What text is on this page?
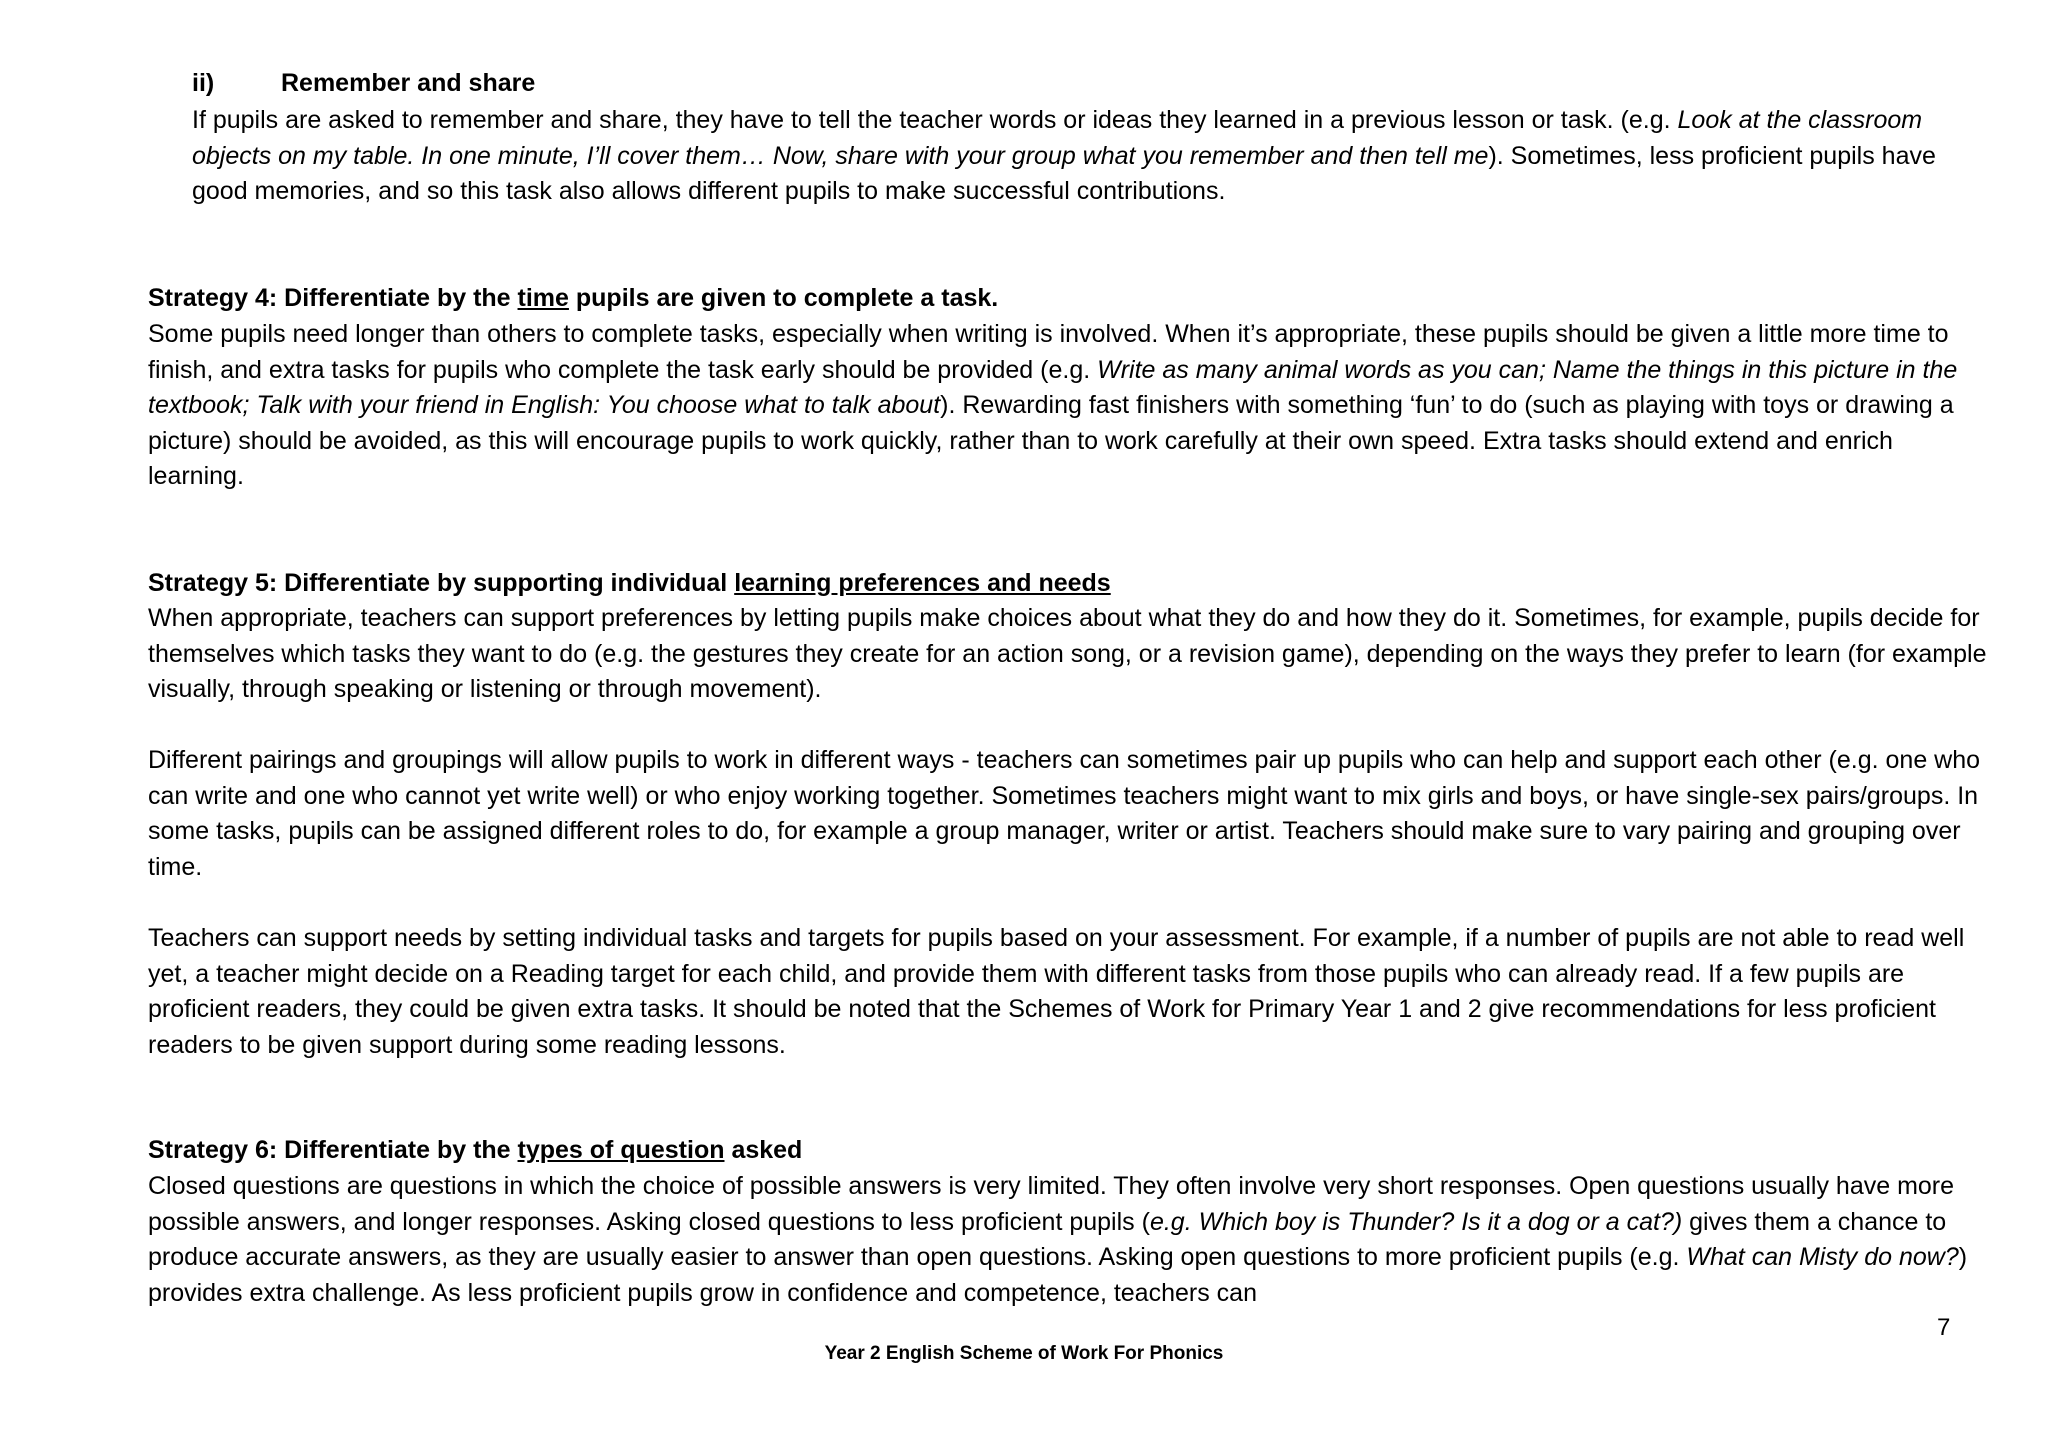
ii)	Remember and share
If pupils are asked to remember and share, they have to tell the teacher words or ideas they learned in a previous lesson or task. (e.g. Look at the classroom objects on my table. In one minute, I’ll cover them… Now, share with your group what you remember and then tell me). Sometimes, less proficient pupils have good memories, and so this task also allows different pupils to make successful contributions.
Strategy 4: Differentiate by the time pupils are given to complete a task.
Some pupils need longer than others to complete tasks, especially when writing is involved. When it’s appropriate, these pupils should be given a little more time to finish, and extra tasks for pupils who complete the task early should be provided (e.g. Write as many animal words as you can; Name the things in this picture in the textbook; Talk with your friend in English: You choose what to talk about). Rewarding fast finishers with something ‘fun’ to do (such as playing with toys or drawing a picture) should be avoided, as this will encourage pupils to work quickly, rather than to work carefully at their own speed. Extra tasks should extend and enrich learning.
Strategy 5: Differentiate by supporting individual learning preferences and needs
When appropriate, teachers can support preferences by letting pupils make choices about what they do and how they do it. Sometimes, for example, pupils decide for themselves which tasks they want to do (e.g. the gestures they create for an action song, or a revision game), depending on the ways they prefer to learn (for example visually, through speaking or listening or through movement).
Different pairings and groupings will allow pupils to work in different ways - teachers can sometimes pair up pupils who can help and support each other (e.g. one who can write and one who cannot yet write well) or who enjoy working together. Sometimes teachers might want to mix girls and boys, or have single-sex pairs/groups. In some tasks, pupils can be assigned different roles to do, for example a group manager, writer or artist. Teachers should make sure to vary pairing and grouping over time.
Teachers can support needs by setting individual tasks and targets for pupils based on your assessment. For example, if a number of pupils are not able to read well yet, a teacher might decide on a Reading target for each child, and provide them with different tasks from those pupils who can already read. If a few pupils are proficient readers, they could be given extra tasks. It should be noted that the Schemes of Work for Primary Year 1 and 2 give recommendations for less proficient readers to be given support during some reading lessons.
Strategy 6: Differentiate by the types of question asked
Closed questions are questions in which the choice of possible answers is very limited. They often involve very short responses. Open questions usually have more possible answers, and longer responses. Asking closed questions to less proficient pupils (e.g. Which boy is Thunder? Is it a dog or a cat?) gives them a chance to produce accurate answers, as they are usually easier to answer than open questions. Asking open questions to more proficient pupils (e.g. What can Misty do now?) provides extra challenge. As less proficient pupils grow in confidence and competence, teachers can
7
Year 2 English Scheme of Work For Phonics
